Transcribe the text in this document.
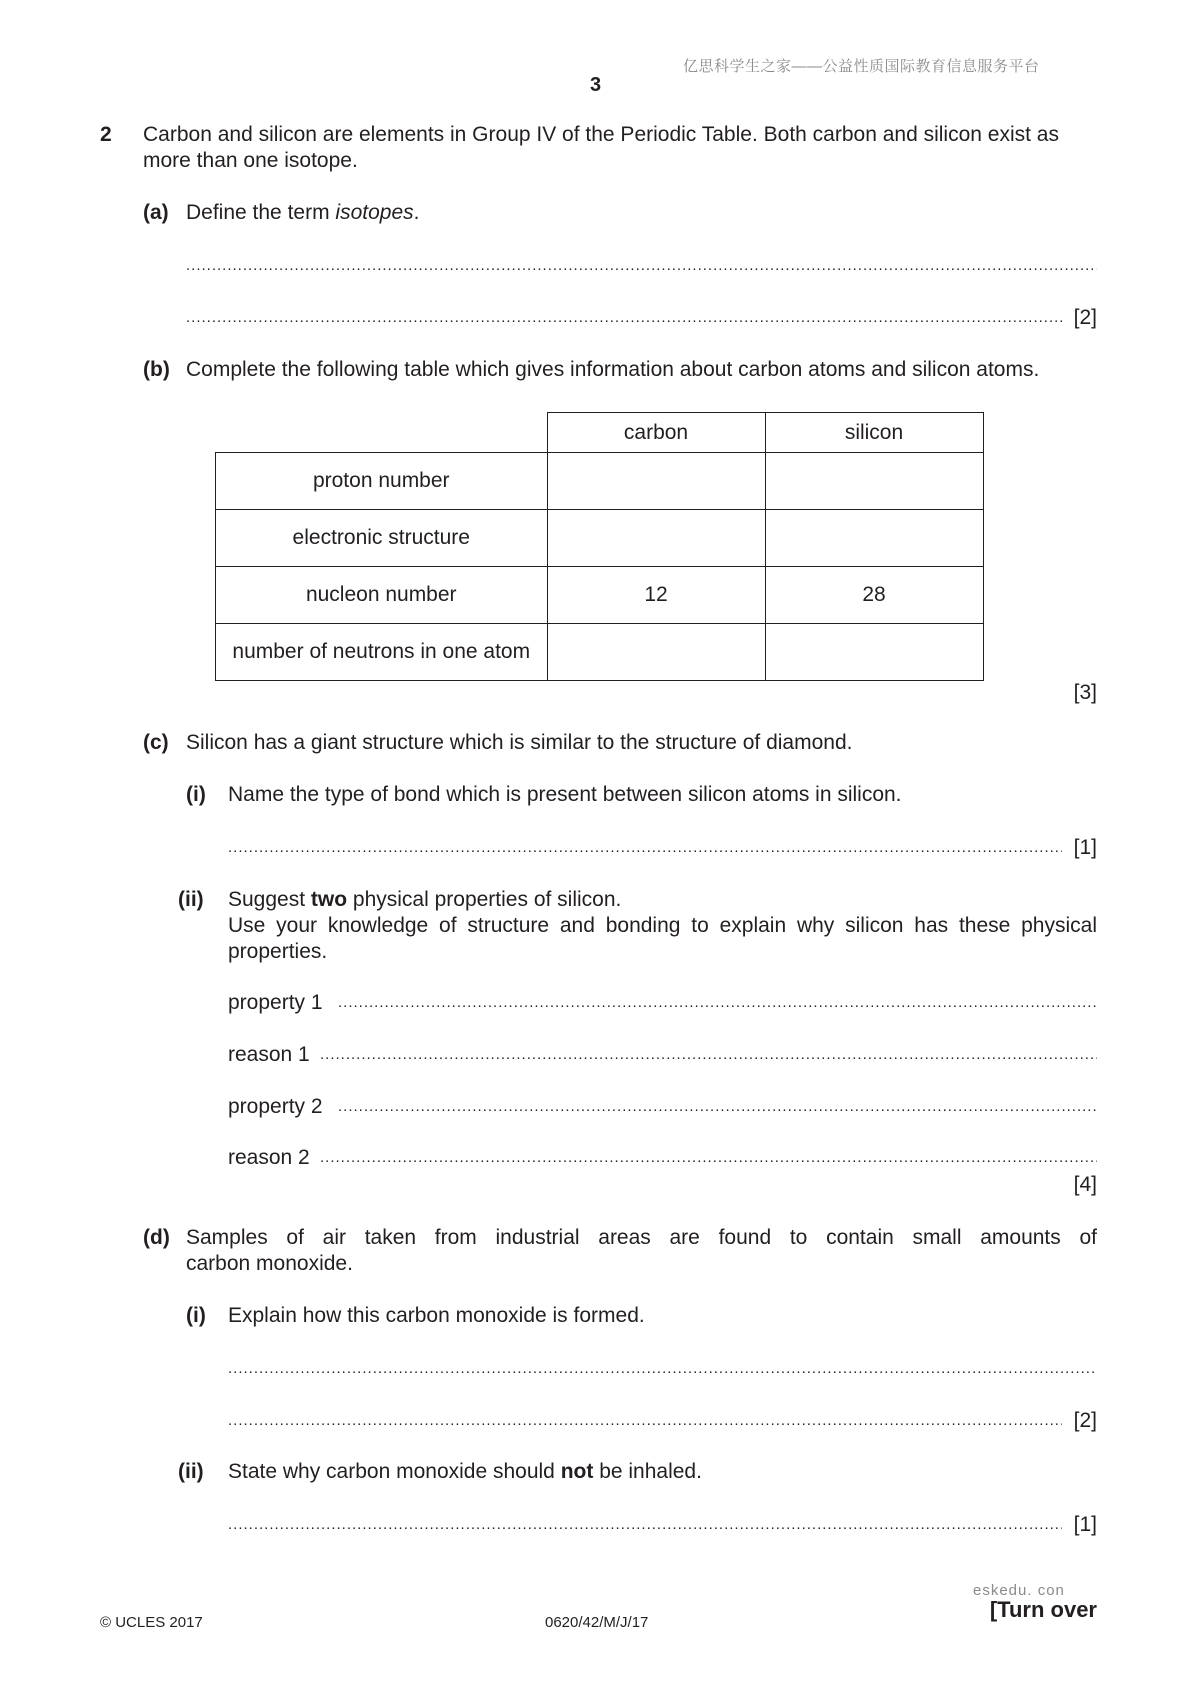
亿思科学生之家——公益性质国际教育信息服务平台
3
2 Carbon and silicon are elements in Group IV of the Periodic Table. Both carbon and silicon exist as more than one isotope.
(a) Define the term isotopes.
.....
.....
[2]
(b) Complete the following table which gives information about carbon atoms and silicon atoms.
	carbon	silicon
proton number		
electronic structure		
nucleon number	12	28
number of neutrons in one atom		
[3]
(c) Silicon has a giant structure which is similar to the structure of diamond.
(i) Name the type of bond which is present between silicon atoms in silicon.
.....
[1]
(ii) Suggest two physical properties of silicon.
Use your knowledge of structure and bonding to explain why silicon has these physical
properties.
property 1
.....
reason 1
.....
property 2
.....
reason 2
.....
[4]
(d) Samples of air taken from industrial areas are found to contain small amounts of
carbon monoxide.
(i) Explain how this carbon monoxide is formed.
.....
.....
[2]
(ii) State why carbon monoxide should not be inhaled.
.....
[1]
eskedu. con
© UCLES 2017	0620/42/M/J/17
[Turn over
